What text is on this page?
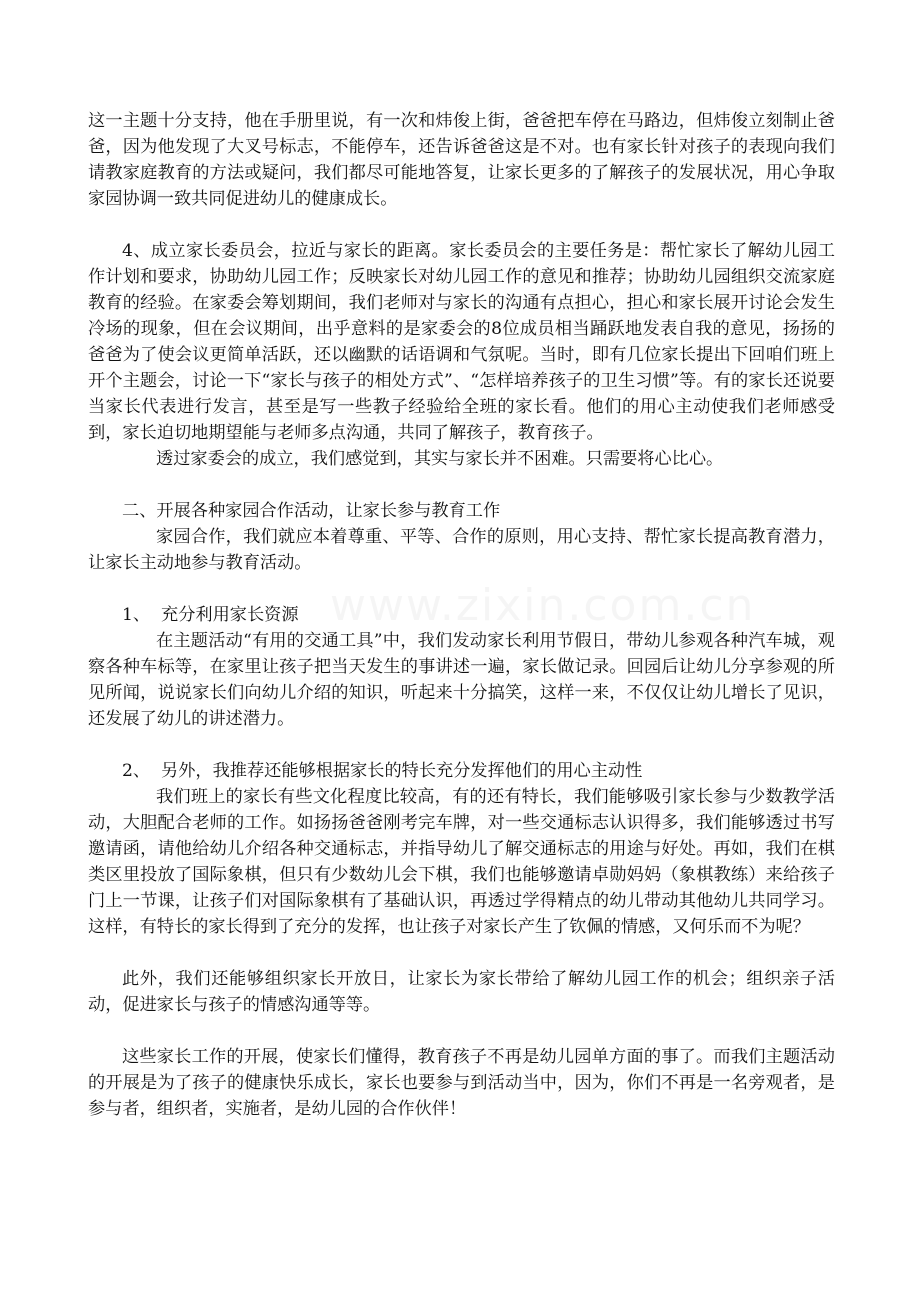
www.zixin.com.cn

这一主题十分支持，他在手册里说，有一次和炜俊上街，爸爸把车停在马路边，但炜俊立刻制止爸爸，因为他发现了大叉号标志，不能停车，还告诉爸爸这是不对。也有家长针对孩子的表现向我们请教家庭教育的方法或疑问，我们都尽可能地答复，让家长更多的了解孩子的发展状况，用心争取家园协调一致共同促进幼儿的健康成长。

4、成立家长委员会，拉近与家长的距离。家长委员会的主要任务是：帮忙家长了解幼儿园工作计划和要求，协助幼儿园工作；反映家长对幼儿园工作的意见和推荐；协助幼儿园组织交流家庭教育的经验。在家委会筹划期间，我们老师对与家长的沟通有点担心，担心和家长展开讨论会发生冷场的现象，但在会议期间，出乎意料的是家委会的8位成员相当踊跃地发表自我的意见，扬扬的爸爸为了使会议更简单活跃，还以幽默的话语调和气氛呢。当时，即有几位家长提出下回咱们班上开个主题会，讨论一下“家长与孩子的相处方式”、“怎样培养孩子的卫生习惯”等。有的家长还说要当家长代表进行发言，甚至是写一些教子经验给全班的家长看。他们的用心主动使我们老师感受到，家长迫切地期望能与老师多点沟通，共同了解孩子，教育孩子。

透过家委会的成立，我们感觉到，其实与家长并不困难。只需要将心比心。

二、开展各种家园合作活动，让家长参与教育工作

家园合作，我们就应本着尊重、平等、合作的原则，用心支持、帮忙家长提高教育潜力，让家长主动地参与教育活动。

1、  充分利用家长资源

在主题活动“有用的交通工具”中，我们发动家长利用节假日，带幼儿参观各种汽车城，观察各种车标等，在家里让孩子把当天发生的事讲述一遍，家长做记录。回园后让幼儿分享参观的所见所闻，说说家长们向幼儿介绍的知识，听起来十分搞笑，这样一来，不仅仅让幼儿增长了见识，还发展了幼儿的讲述潜力。

2、  另外，我推荐还能够根据家长的特长充分发挥他们的用心主动性

我们班上的家长有些文化程度比较高，有的还有特长，我们能够吸引家长参与少数教学活动，大胆配合老师的工作。如扬扬爸爸刚考完车牌，对一些交通标志认识得多，我们能够透过书写邀请函，请他给幼儿介绍各种交通标志，并指导幼儿了解交通标志的用途与好处。再如，我们在棋类区里投放了国际象棋，但只有少数幼儿会下棋，我们也能够邀请卓勋妈妈（象棋教练）来给孩子门上一节课，让孩子们对国际象棋有了基础认识，再透过学得精点的幼儿带动其他幼儿共同学习。这样，有特长的家长得到了充分的发挥，也让孩子对家长产生了钦佩的情感，又何乐而不为呢？

此外，我们还能够组织家长开放日，让家长为家长带给了解幼儿园工作的机会；组织亲子活动，促进家长与孩子的情感沟通等等。

这些家长工作的开展，使家长们懂得，教育孩子不再是幼儿园单方面的事了。而我们主题活动的开展是为了孩子的健康快乐成长，家长也要参与到活动当中，因为，你们不再是一名旁观者，是参与者，组织者，实施者，是幼儿园的合作伙伴！
